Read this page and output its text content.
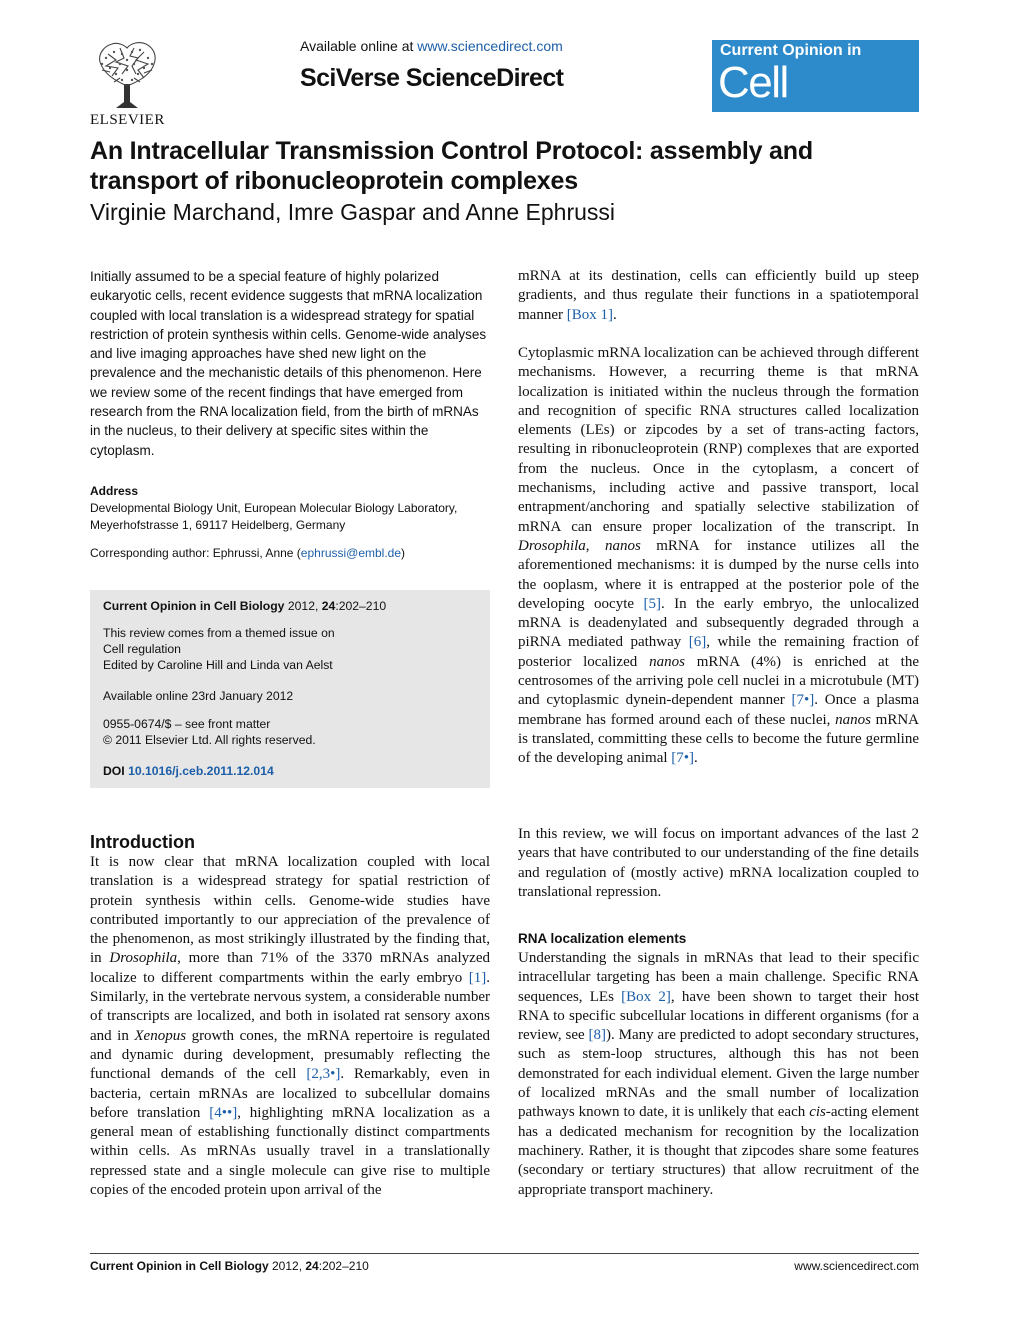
ELSEVIER
Available online at www.sciencedirect.com
SciVerse ScienceDirect
Current Opinion in
Cell Biology
An Intracellular Transmission Control Protocol: assembly and transport of ribonucleoprotein complexes
Virginie Marchand, Imre Gaspar and Anne Ephrussi

Initially assumed to be a special feature of highly polarized eukaryotic cells, recent evidence suggests that mRNA localization coupled with local translation is a widespread strategy for spatial restriction of protein synthesis within cells. Genome-wide analyses and live imaging approaches have shed new light on the prevalence and the mechanistic details of this phenomenon. Here we review some of the recent findings that have emerged from research from the RNA localization field, from the birth of mRNAs in the nucleus, to their delivery at specific sites within the cytoplasm.

Address

Developmental Biology Unit, European Molecular Biology Laboratory, Meyerhofstrasse 1, 69117 Heidelberg, Germany

Corresponding author: Ephrussi, Anne (ephrussi@embl.de)
Current Opinion in Cell Biology 2012, 24:202–210
This review comes from a themed issue on
Cell regulation
Edited by Caroline Hill and Linda van Aelst
Available online 23rd January 2012
0955-0674/$ – see front matter
© 2011 Elsevier Ltd. All rights reserved.
DOI 10.1016/j.ceb.2011.12.014
Introduction

It is now clear that mRNA localization coupled with local translation is a widespread strategy for spatial restriction of protein synthesis within cells. Genome-wide studies have contributed importantly to our appreciation of the prevalence of the phenomenon, as most strikingly illustrated by the finding that, in Drosophila, more than 71% of the 3370 mRNAs analyzed localize to different compartments within the early embryo [1]. Similarly, in the vertebrate nervous system, a considerable number of transcripts are localized, and both in isolated rat sensory axons and in Xenopus growth cones, the mRNA repertoire is regulated and dynamic during development, presumably reflecting the functional demands of the cell [2,3•]. Remarkably, even in bacteria, certain mRNAs are localized to subcellular domains before translation [4••], highlighting mRNA localization as a general mean of establishing functionally distinct compartments within cells. As mRNAs usually travel in a translationally repressed state and a single molecule can give rise to multiple copies of the encoded protein upon arrival of the

mRNA at its destination, cells can efficiently build up steep gradients, and thus regulate their functions in a spatiotemporal manner [Box 1].

Cytoplasmic mRNA localization can be achieved through different mechanisms. However, a recurring theme is that mRNA localization is initiated within the nucleus through the formation and recognition of specific RNA structures called localization elements (LEs) or zipcodes by a set of trans-acting factors, resulting in ribonucleoprotein (RNP) complexes that are exported from the nucleus. Once in the cytoplasm, a concert of mechanisms, including active and passive transport, local entrapment/anchoring and spatially selective stabilization of mRNA can ensure proper localization of the transcript. In Drosophila, nanos mRNA for instance utilizes all the aforementioned mechanisms: it is dumped by the nurse cells into the ooplasm, where it is entrapped at the posterior pole of the developing oocyte [5]. In the early embryo, the unlocalized mRNA is deadenylated and subsequently degraded through a piRNA mediated pathway [6], while the remaining fraction of posterior localized nanos mRNA (4%) is enriched at the centrosomes of the arriving pole cell nuclei in a microtubule (MT) and cytoplasmic dynein-dependent manner [7•]. Once a plasma membrane has formed around each of these nuclei, nanos mRNA is translated, committing these cells to become the future germline of the developing animal [7•].

In this review, we will focus on important advances of the last 2 years that have contributed to our understanding of the fine details and regulation of (mostly active) mRNA localization coupled to translational repression.

RNA localization elements

Understanding the signals in mRNAs that lead to their specific intracellular targeting has been a main challenge. Specific RNA sequences, LEs [Box 2], have been shown to target their host RNA to specific subcellular locations in different organisms (for a review, see [8]). Many are predicted to adopt secondary structures, such as stem-loop structures, although this has not been demonstrated for each individual element. Given the large number of localized mRNAs and the small number of localization pathways known to date, it is unlikely that each cis-acting element has a dedicated mechanism for recognition by the localization machinery. Rather, it is thought that zipcodes share some features (secondary or tertiary structures) that allow recruitment of the appropriate transport machinery.

Current Opinion in Cell Biology 2012, 24:202–210	www.sciencedirect.com
